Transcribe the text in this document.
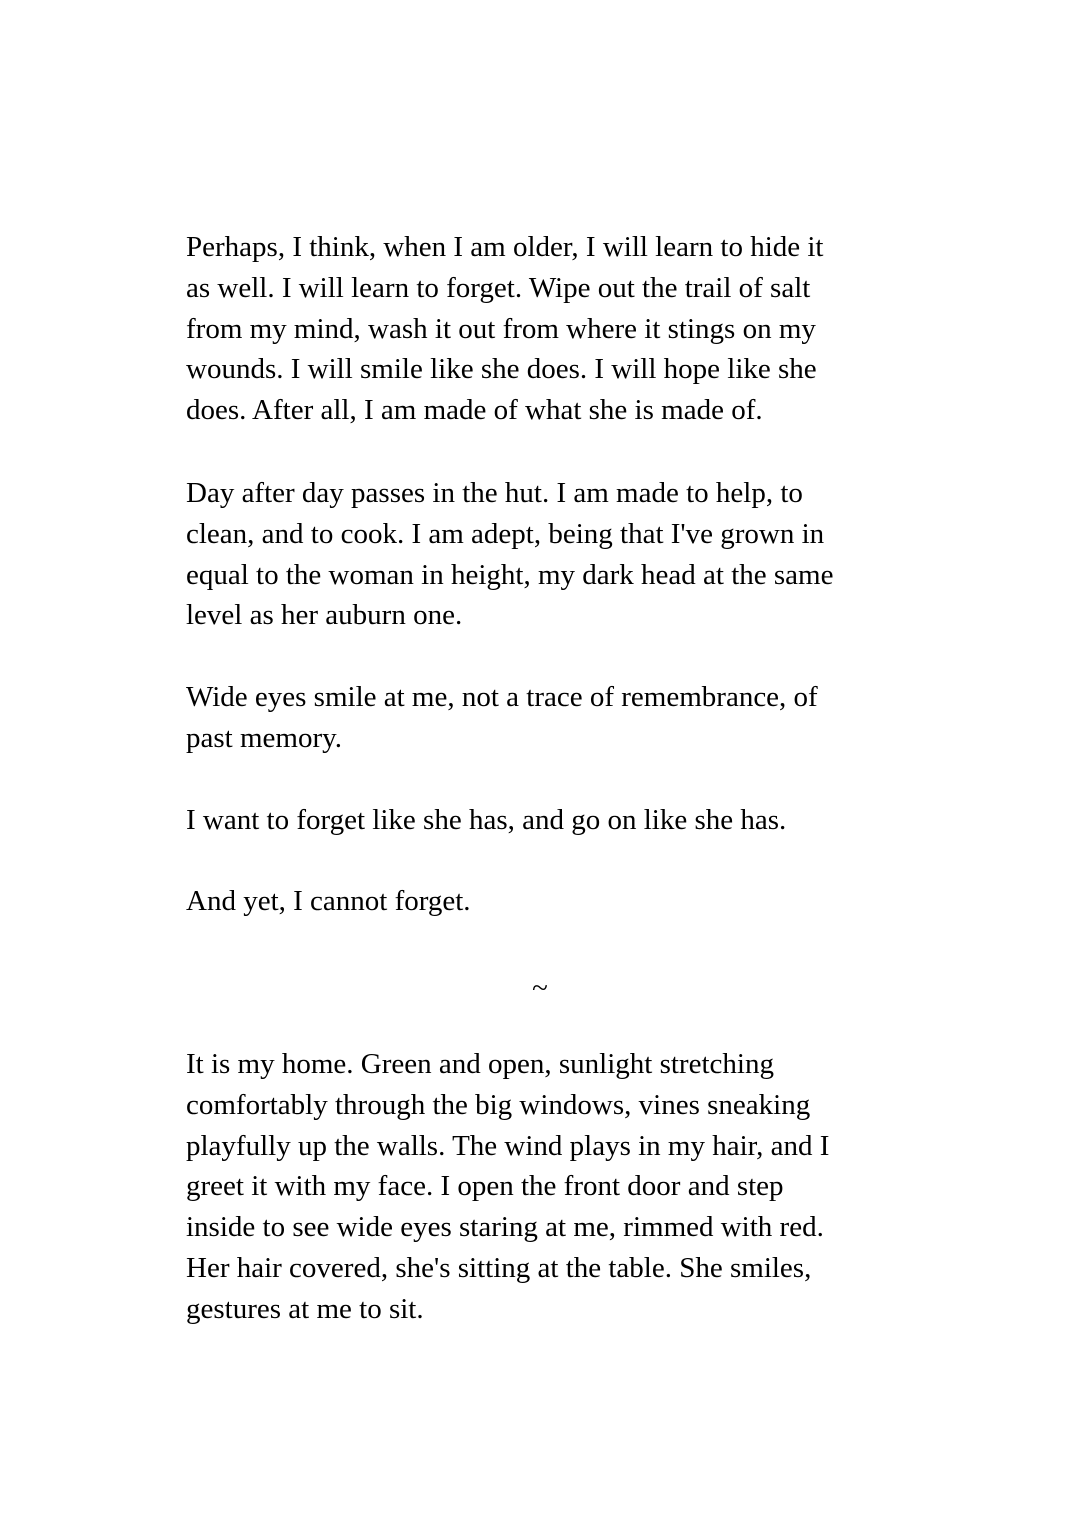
Perhaps, I think, when I am older, I will learn to hide it
as well. I will learn to forget. Wipe out the trail of salt
from my mind, wash it out from where it stings on my
wounds. I will smile like she does. I will hope like she
does. After all, I am made of what she is made of.

Day after day passes in the hut. I am made to help, to
clean, and to cook. I am adept, being that I've grown in
equal to the woman in height, my dark head at the same
level as her auburn one.

Wide eyes smile at me, not a trace of remembrance, of
past memory.

I want to forget like she has, and go on like she has.

And yet, I cannot forget.

~

It is my home. Green and open, sunlight stretching
comfortably through the big windows, vines sneaking
playfully up the walls. The wind plays in my hair, and I
greet it with my face. I open the front door and step
inside to see wide eyes staring at me, rimmed with red.
Her hair covered, she's sitting at the table. She smiles,
gestures at me to sit.
